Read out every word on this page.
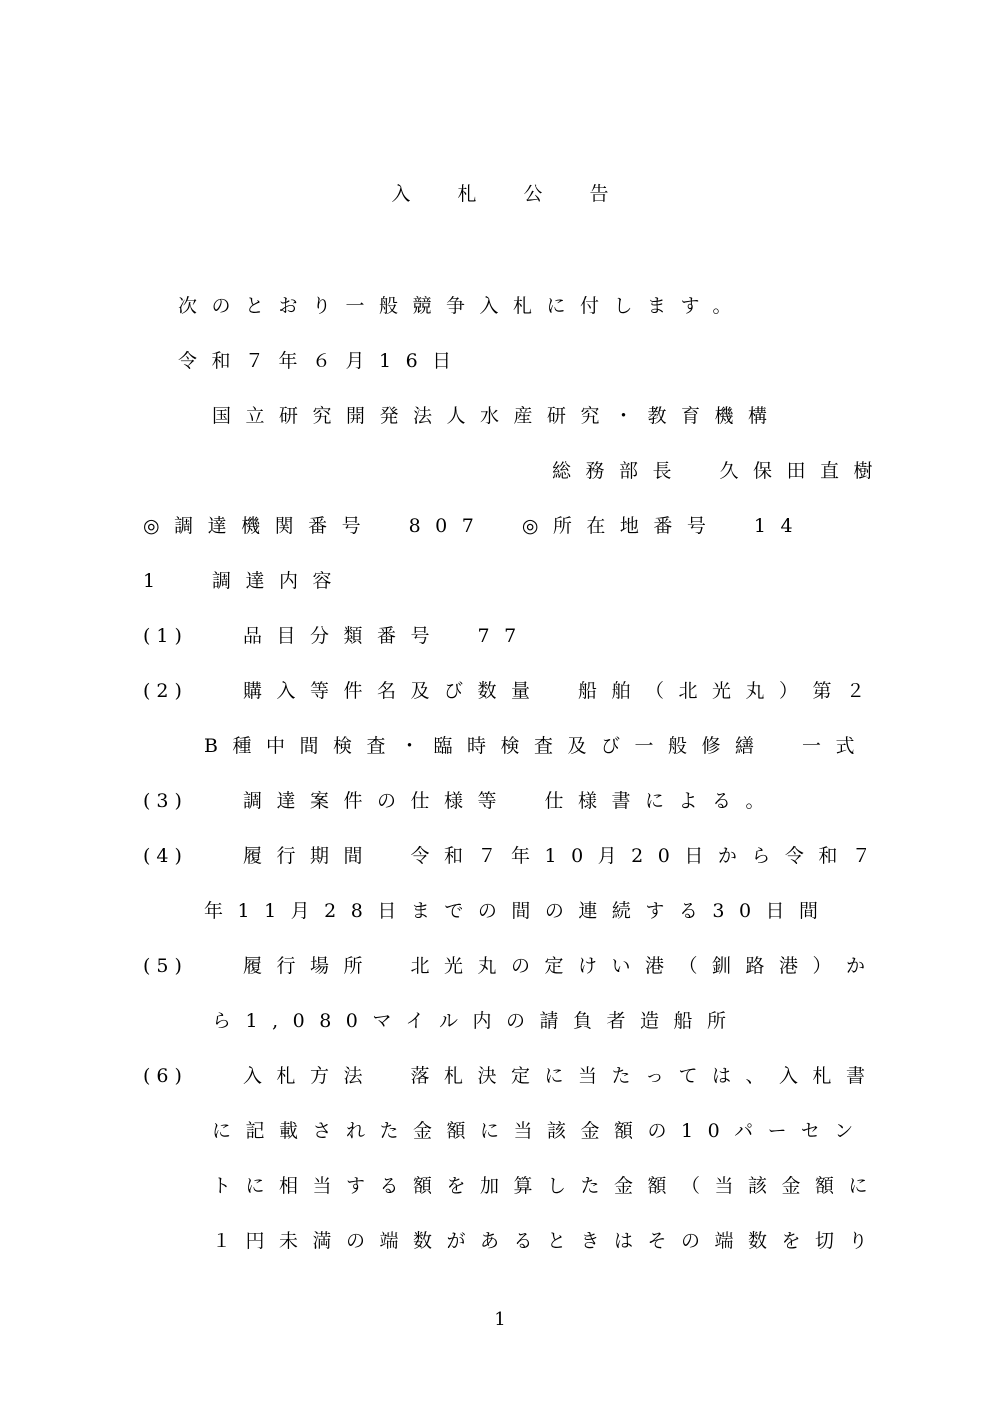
入札公告
次のとおり一般競争入札に付します。
令和７年６月16日
国立研究開発法人水産研究・教育機構
総務部長　久保田直樹
◎調達機関番号　807　◎所在地番号　14
1	調達内容
(1)	品目分類番号　77
(2)	購入等件名及び数量　船舶（北光丸）第２
B種中間検査・臨時検査及び一般修繕　一式
(3)	調達案件の仕様等　仕様書による。
(4)	履行期間　令和７年10月20日から令和７
年11月28日までの間の連続する30日間
(5)	履行場所　北光丸の定けい港（釧路港）か
ら1,080マイル内の請負者造船所
(6)	入札方法　落札決定に当たっては、入札書
に記載された金額に当該金額の10パーセン
トに相当する額を加算した金額（当該金額に
１円未満の端数があるときはその端数を切り
1
